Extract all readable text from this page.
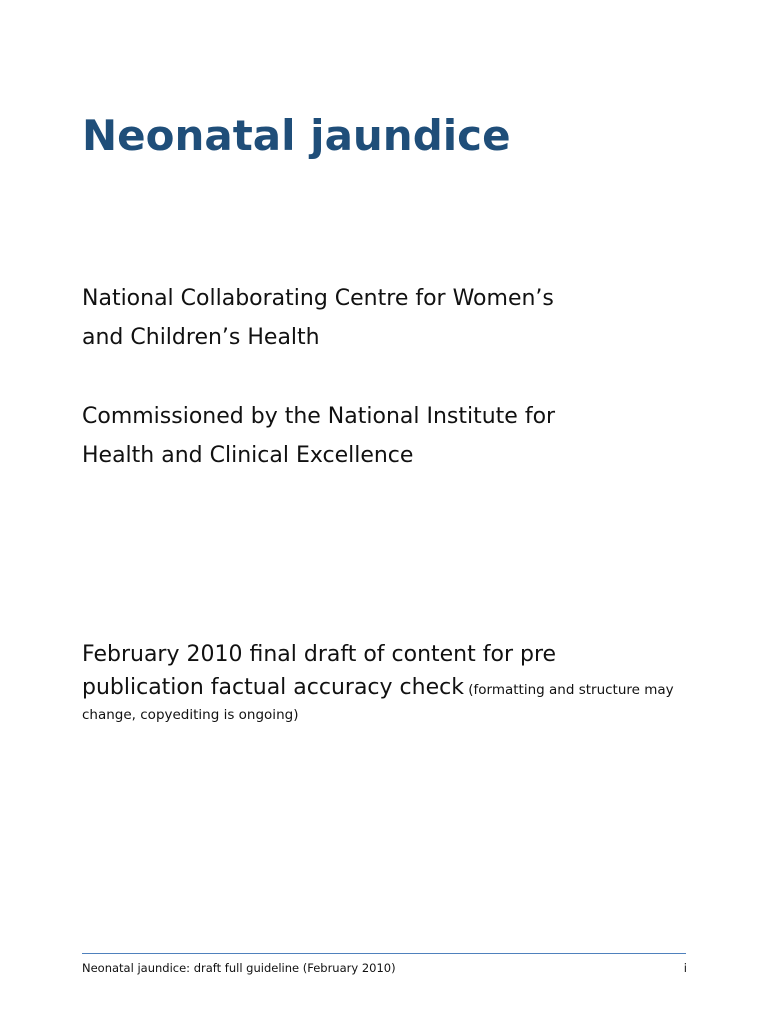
Neonatal jaundice

National Collaborating Centre for Women’s
and Children’s Health

Commissioned by the National Institute for
Health and Clinical Excellence

February 2010 final draft of content for pre
publication factual accuracy check (formatting and structure may
change, copyediting is ongoing)
Neonatal jaundice: draft full guideline (February 2010)	i
